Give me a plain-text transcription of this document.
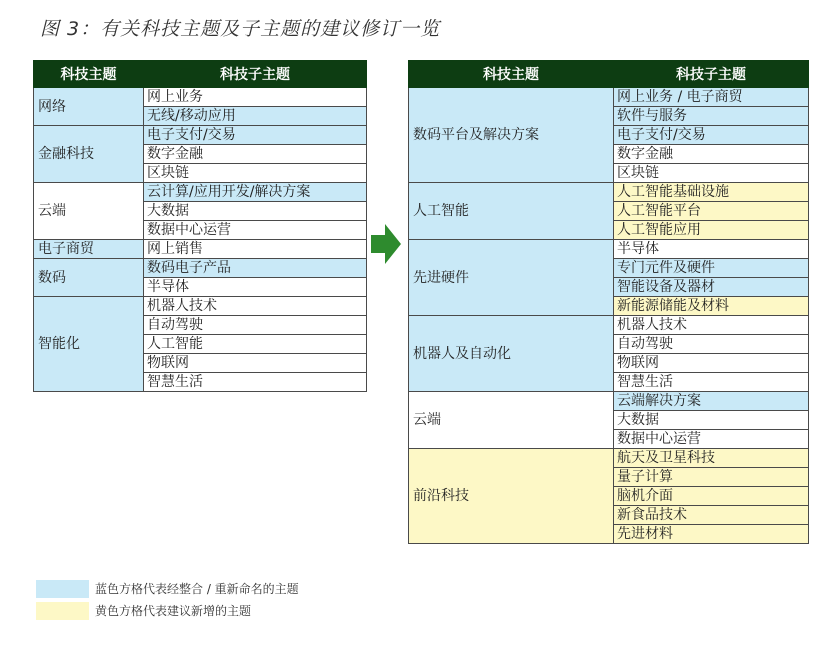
图 3：有关科技主题及子主题的建议修订一览
科技主题	科技子主题
网络	网上业务
	无线/移动应用
金融科技	电子支付/交易
	数字金融
	区块链
云端	云计算/应用开发/解决方案
	大数据
	数据中心运营
电子商贸	网上销售
数码	数码电子产品
	半导体
智能化	机器人技术
	自动驾驶
	人工智能
	物联网
	智慧生活
科技主题	科技子主题
数码平台及解决方案	网上业务 / 电子商贸
	软件与服务
	电子支付/交易
	数字金融
	区块链
人工智能	人工智能基础设施
	人工智能平台
	人工智能应用
先进硬件	半导体
	专门元件及硬件
	智能设备及器材
	新能源储能及材料
机器人及自动化	机器人技术
	自动驾驶
	物联网
	智慧生活
云端	云端解决方案
	大数据
	数据中心运营
前沿科技	航天及卫星科技
	量子计算
	脑机介面
	新食品技术
	先进材料
蓝色方格代表经整合 / 重新命名的主题
黄色方格代表建议新增的主题
